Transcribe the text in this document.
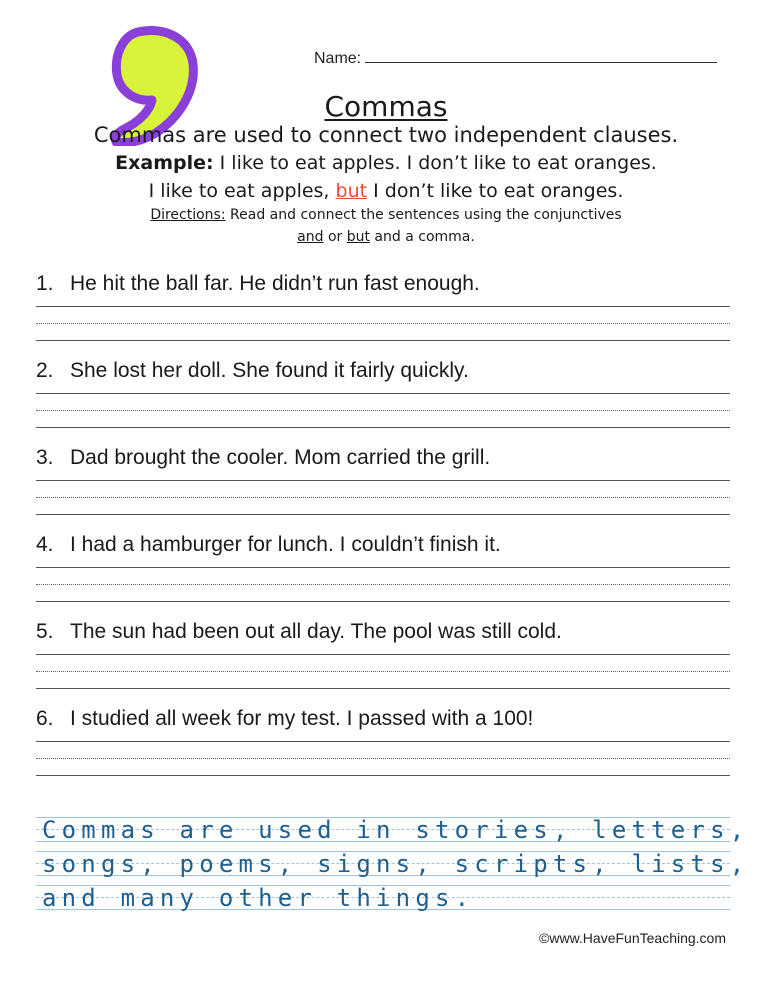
Name:
Commas
Commas are used to connect two independent clauses.
Example: I like to eat apples. I don’t like to eat oranges.
I like to eat apples, but I don’t like to eat oranges.
Directions: Read and connect the sentences using the conjunctives
and or but and a comma.
1. He hit the ball far. He didn’t run fast enough.
2. She lost her doll. She found it fairly quickly.
3. Dad brought the cooler. Mom carried the grill.
4. I had a hamburger for lunch. I couldn’t finish it.
5. The sun had been out all day. The pool was still cold.
6. I studied all week for my test. I passed with a 100!
Commas are used in stories, letters,
songs, poems, signs, scripts, lists,
and many other things.
©www.HaveFunTeaching.com
